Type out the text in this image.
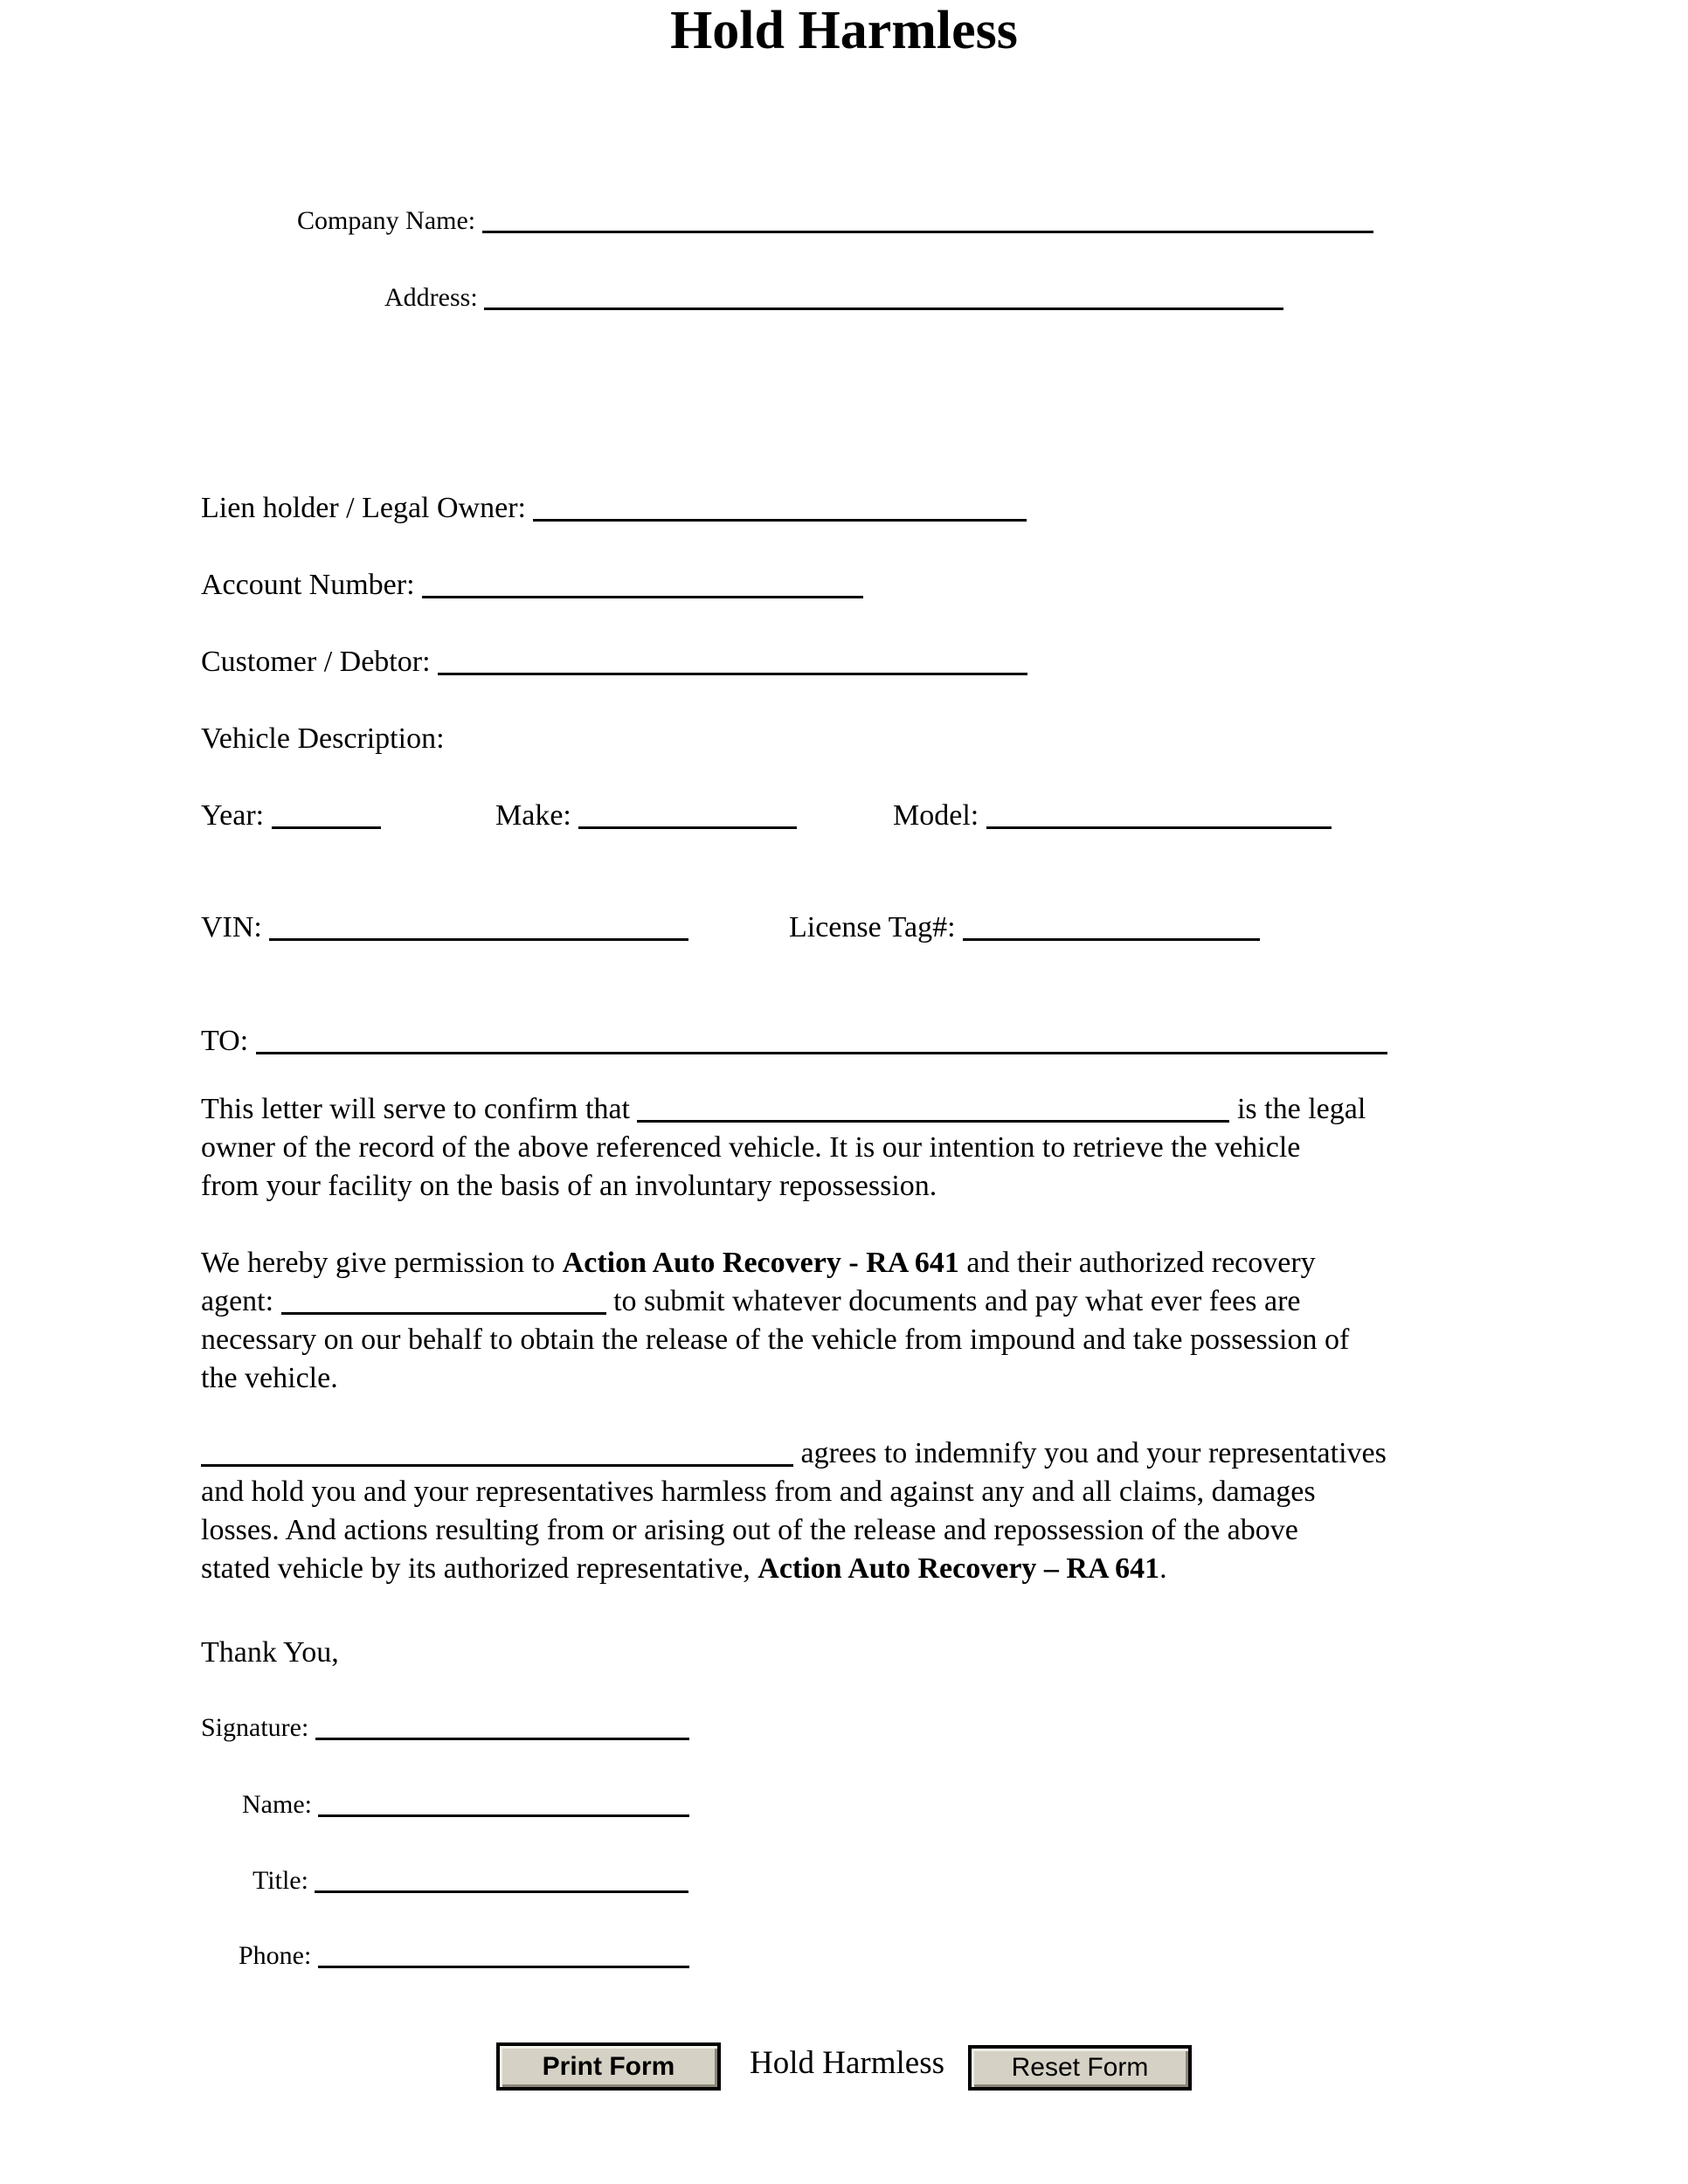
Company Name:
Address:
Hold Harmless
Lien holder / Legal Owner:
Account Number:
Customer / Debtor:
Vehicle Description:
Year:	Make:	Model:
VIN:	License Tag#:
TO:
This letter will serve to confirm that	is the legal
owner of the record of the above referenced vehicle. It is our intention to retrieve the vehicle
from your facility on the basis of an involuntary repossession.
We hereby give permission to Action Auto Recovery - RA 641 and their authorized recovery
agent:	to submit whatever documents and pay what ever fees are
necessary on our behalf to obtain the release of the vehicle from impound and take possession of
the vehicle.
agrees to indemnify you and your representatives
and hold you and your representatives harmless from and against any and all claims, damages
losses. And actions resulting from or arising out of the release and repossession of the above
stated vehicle by its authorized representative, Action Auto Recovery – RA 641.
Thank You,
Signature:
Name:
Title:
Phone:
Print Form	Hold Harmless	Reset Form
